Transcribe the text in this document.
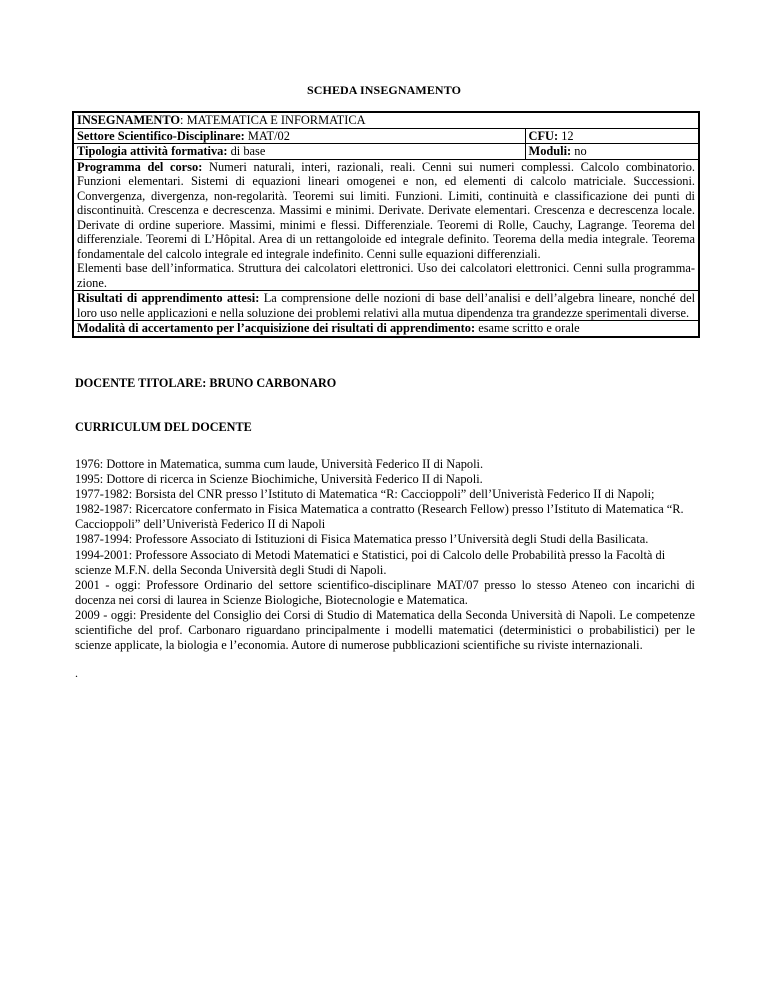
SCHEDA INSEGNAMENTO
INSEGNAMENTO: MATEMATICA E INFORMATICA	
Settore Scientifico-Disciplinare: MAT/02	CFU: 12
Tipologia attività formativa: di base	Moduli: no
Programma del corso: Numeri naturali, interi, razionali, reali. Cenni sui numeri complessi. Calcolo combinatorio. Funzioni elementari. Sistemi di equazioni lineari omogenei e non, ed elementi di calcolo matriciale. Successioni. Convergenza, divergenza, non-regolarità. Teoremi sui limiti. Funzioni. Limiti, continuità e classificazione dei punti di discontinuità. Crescenza e decrescenza. Massimi e minimi. Derivate. Derivate elementari. Crescenza e decrescenza locale. Derivate di ordine superiore. Massimi, minimi e flessi. Differenziale. Teoremi di Rolle, Cauchy, Lagrange. Teorema del differenziale. Teoremi di L’Hôpital. Area di un rettangoloide ed integrale definito. Teorema della media integrale. Teorema fondamentale del calcolo integrale ed integrale indefinito. Cenni sulle equazioni differenziali.
Elementi base dell’informatica. Struttura dei calcolatori elettronici. Uso dei calcolatori elettronici. Cenni sulla programma-zione.	
Risultati di apprendimento attesi: La comprensione delle nozioni di base dell’analisi e dell’algebra lineare, nonché del loro uso nelle applicazioni e nella soluzione dei problemi relativi alla mutua dipendenza tra grandezze sperimentali diverse.	
Modalità di accertamento per l’acquisizione dei risultati di apprendimento: esame scritto e orale	
DOCENTE TITOLARE: BRUNO CARBONARO
CURRICULUM DEL DOCENTE

1976: Dottore in Matematica, summa cum laude, Università Federico II di Napoli.

1995: Dottore di ricerca in Scienze Biochimiche, Università Federico II di Napoli.

1977-1982: Borsista del CNR presso l’Istituto di Matematica “R: Caccioppoli” dell’Univeristà Federico II di Napoli;

1982-1987: Ricercatore confermato in Fisica Matematica a contratto (Research Fellow) presso l’Istituto di Matematica “R. Caccioppoli” dell’Univeristà Federico II di Napoli

1987-1994: Professore Associato di Istituzioni di Fisica Matematica presso l’Università degli Studi della Basilicata.

1994-2001: Professore Associato di Metodi Matematici e Statistici, poi di Calcolo delle Probabilità presso la Facoltà di scienze M.F.N. della Seconda Università degli Studi di Napoli.

2001 - oggi: Professore Ordinario del settore scientifico-disciplinare MAT/07 presso lo stesso Ateneo con incarichi di docenza nei corsi di laurea in Scienze Biologiche, Biotecnologie e Matematica.

2009 - oggi: Presidente del Consiglio dei Corsi di Studio di Matematica della Seconda Università di Napoli. Le competenze scientifiche del prof. Carbonaro riguardano principalmente i modelli matematici (deterministici o probabilistici) per le scienze applicate, la biologia e l’economia. Autore di numerose pubblicazioni scientifiche su riviste internazionali.

.
